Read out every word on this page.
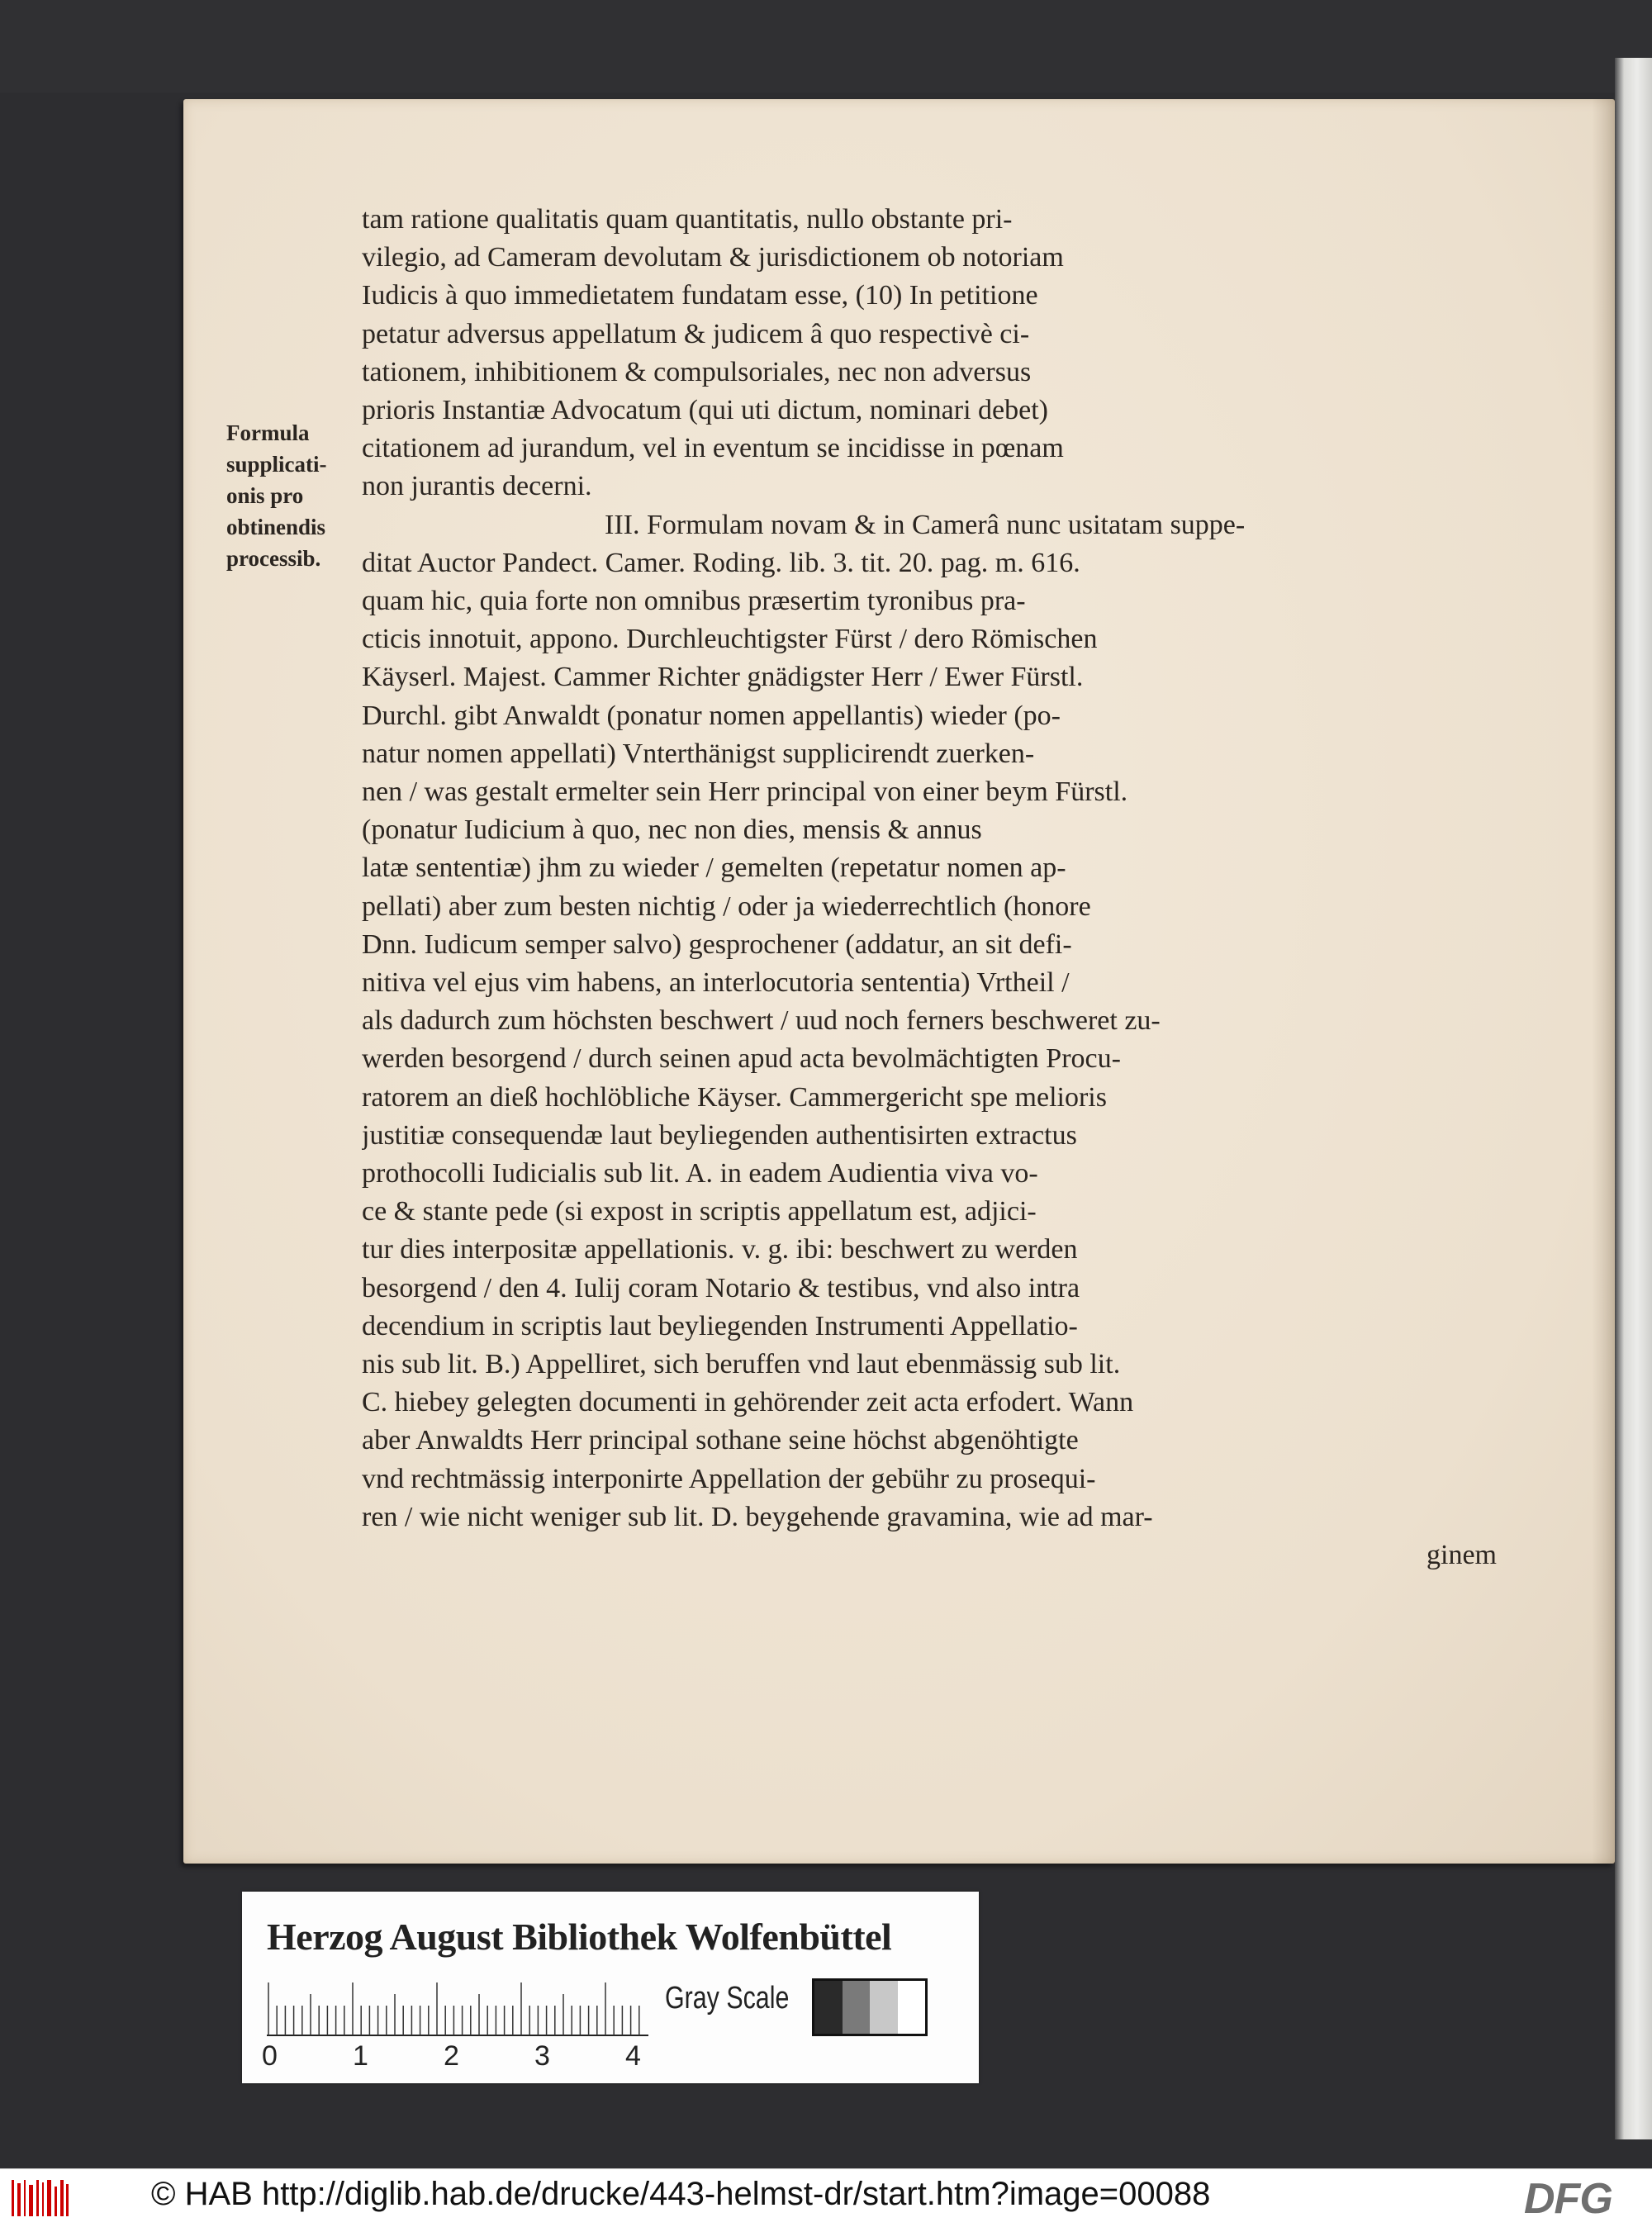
tam ratione qualitatis quam quantitatis, nullo obstante pri-
vilegio, ad Cameram devolutam & jurisdictionem ob notoriam
Iudicis à quo immedietatem fundatam esse, (10) In petitione
petatur adversus appellatum & judicem â quo respectivè ci-
tationem, inhibitionem & compulsoriales, nec non adversus
prioris Instantiæ Advocatum (qui uti dictum, nominari debet)
citationem ad jurandum, vel in eventum se incidisse in pœnam
non jurantis decerni.
III. Formulam novam & in Camerâ nunc usitatam suppe-
ditat Auctor Pandect. Camer. Roding. lib. 3. tit. 20. pag. m. 616.
quam hic, quia forte non omnibus præsertim tyronibus pra-
cticis innotuit, appono. Durchleuchtigster Fürst / dero Römischen
Käyserl. Majest. Cammer Richter gnädigster Herr / Ewer Fürstl.
Durchl. gibt Anwaldt (ponatur nomen appellantis) wieder (po-
natur nomen appellati) Vnterthänigst supplicirendt zuerken-
nen / was gestalt ermelter sein Herr principal von einer beym Fürstl.
(ponatur Iudicium à quo, nec non dies, mensis & annus
latæ sententiæ) jhm zu wieder / gemelten (repetatur nomen ap-
pellati) aber zum besten nichtig / oder ja wiederrechtlich (honore
Dnn. Iudicum semper salvo) gesprochener (addatur, an sit defi-
nitiva vel ejus vim habens, an interlocutoria sententia) Vrtheil /
als dadurch zum höchsten beschwert / uud noch ferners beschweret zu-
werden besorgend / durch seinen apud acta bevolmächtigten Procu-
ratorem an dieß hochlöbliche Käyser. Cammergericht spe melioris
justitiæ consequendæ laut beyliegenden authentisirten extractus
prothocolli Iudicialis sub lit. A. in eadem Audientia viva vo-
ce & stante pede (si expost in scriptis appellatum est, adjici-
tur dies interpositæ appellationis. v. g. ibi: beschwert zu werden
besorgend / den 4. Iulij coram Notario & testibus, vnd also intra
decendium in scriptis laut beyliegenden Instrumenti Appellatio-
nis sub lit. B.) Appelliret, sich beruffen vnd laut ebenmässig sub lit.
C. hiebey gelegten documenti in gehörender zeit acta erfodert. Wann
aber Anwaldts Herr principal sothane seine höchst abgenöhtigte
vnd rechtmässig interponirte Appellation der gebühr zu prosequi-
ren / wie nicht weniger sub lit. D. beygehende gravamina, wie ad mar-
ginem
Formula
supplicati-
onis pro
obtinendis
processib.
Herzog August Bibliothek Wolfenbüttel
0	1	2	3	4
Gray Scale
© HAB http://diglib.hab.de/drucke/443-helmst-dr/start.htm?image=00088	DFG
